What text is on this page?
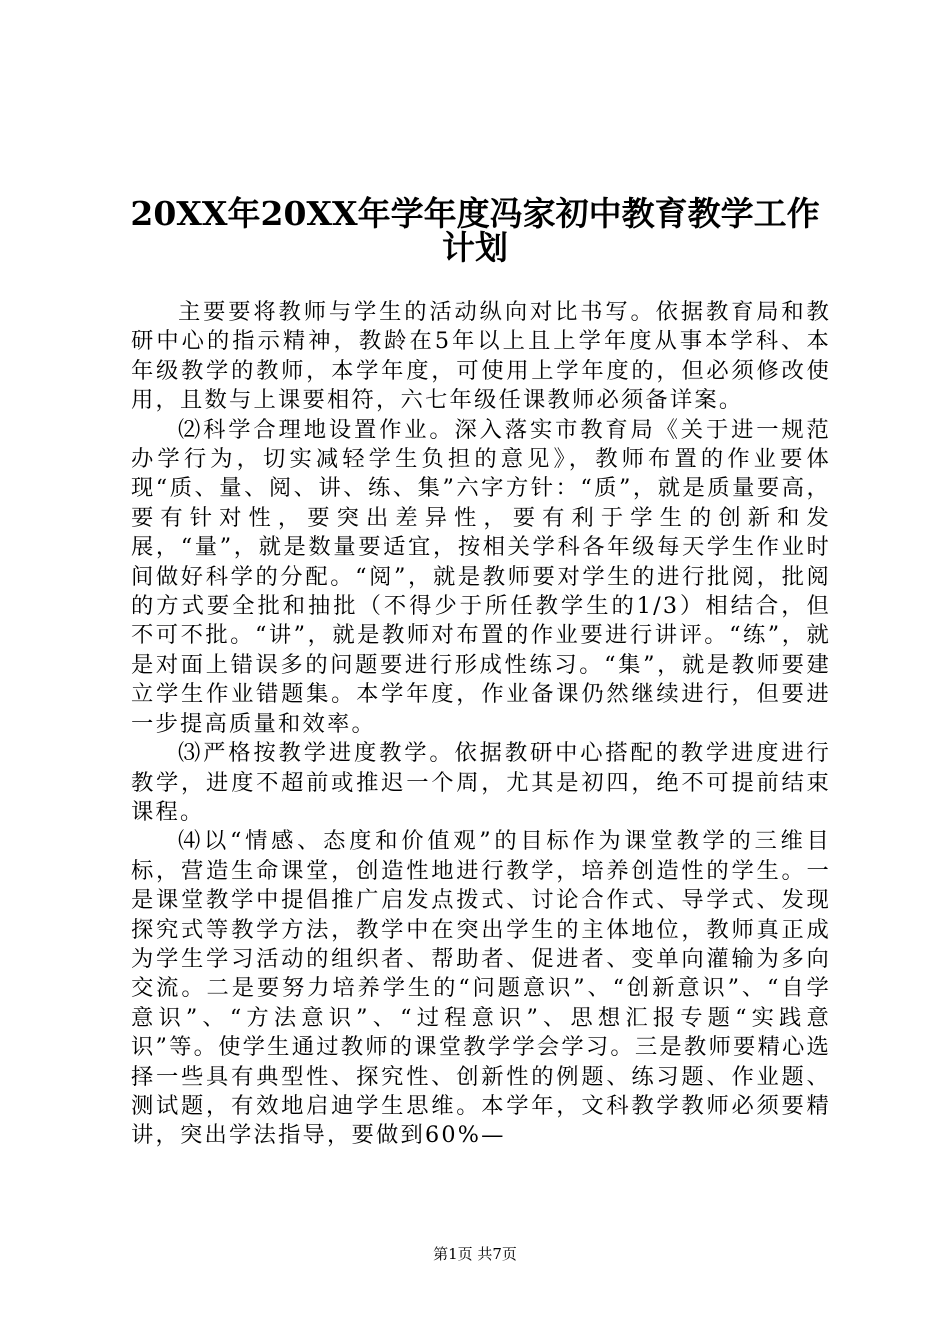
20XX年20XX年学年度冯家初中教育教学工作
计划

主要要将教师与学生的活动纵向对比书写。依据教育局和教研中心的指示精神，教龄在5年以上且上学年度从事本学科、本年级教学的教师，本学年度，可使用上学年度的，但必须修改使用，且数与上课要相符，六七年级任课教师必须备详案。

⑵科学合理地设置作业。深入落实市教育局《关于进一规范办学行为，切实减轻学生负担的意见》，教师布置的作业要体现“质、量、阅、讲、练、集”六字方针：“质”，就是质量要高，要有针对性，要突出差异性，要有利于学生的创新和发展，“量”，就是数量要适宜，按相关学科各年级每天学生作业时间做好科学的分配。“阅”，就是教师要对学生的进行批阅，批阅的方式要全批和抽批（不得少于所任教学生的1/3）相结合，但不可不批。“讲”，就是教师对布置的作业要进行讲评。“练”，就是对面上错误多的问题要进行形成性练习。“集”，就是教师要建立学生作业错题集。本学年度，作业备课仍然继续进行，但要进一步提高质量和效率。

⑶严格按教学进度教学。依据教研中心搭配的教学进度进行教学，进度不超前或推迟一个周，尤其是初四，绝不可提前结束课程。

⑷以“情感、态度和价值观”的目标作为课堂教学的三维目标，营造生命课堂，创造性地进行教学，培养创造性的学生。一是课堂教学中提倡推广启发点拨式、讨论合作式、导学式、发现探究式等教学方法，教学中在突出学生的主体地位，教师真正成为学生学习活动的组织者、帮助者、促进者、变单向灌输为多向交流。二是要努力培养学生的“问题意识”、“创新意识”、“自学意识”、“方法意识”、“过程意识”、思想汇报专题“实践意识”等。使学生通过教师的课堂教学学会学习。三是教师要精心选择一些具有典型性、探究性、创新性的例题、练习题、作业题、测试题，有效地启迪学生思维。本学年，文科教学教师必须要精讲，突出学法指导，要做到60%—

第1页 共7页
